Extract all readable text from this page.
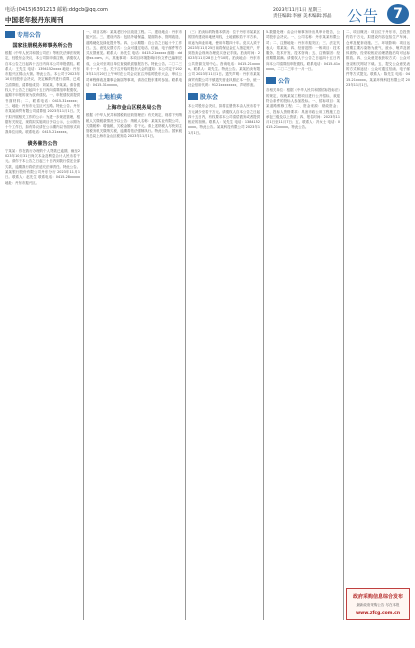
电话:(0415)6391213 邮箱:ddgcb@qq.com
中国老年报丹东周刊
2023年11月1日 星期三
责任编辑:李丽 美术编辑:郭晶 公告	7
专用公告
国家注册税务师事务所公告
根据《中华人民共和国公司法》等相关法律法规规定，经股东会决议，本公司拟申请注销，请债权人自本公告之日起四十五日内向本公司申报债权。联系人：王先生 电话：1394152xxxx 地址：丹东市振兴区锦山大街。特此公告。本公司于2023年10月经股东会决议，决定解散并进行清算，已成立清算组，清算组成员：刘某某、李某某。请各债权人于公告之日起四十五日内向清算组申报债权，逾期不申报的视为放弃债权。一、申报债权须提供书面材料；二、联系电话：0415-31xxxxx；三、地址：丹东市元宝区兴五路。特此公告。丹东市某某商贸有限公司清算组 2023年11月1日。关于拟开展相关工作的公示：为进一步规范管理，根据有关规定，现将拟实施项目予以公示，公示期为十个工作日，如有异议请在公示期内以书面形式向我单位反映。联系电话：0415-21xxxxx。
债务催告公告
宁某某：你在我行办理的个人贷款已逾期，截至2023年10月31日尚欠本金及利息合计人民币若干元。请你于本公告之日起三十日内到我行偿还全部欠款，逾期我行将依法追究法律责任。特此公告。某某银行股份有限公司丹东分行 2023年11月1日。联系人：赵先生 联系电话：0415-28xxxxx 地址：丹东市振兴区。
一、项目名称：某某老旧小区改造工程。二、建设地点：丹东市振兴区。三、建设内容：包括外墙保温、屋面防水、管网改造、道路硬化及绿化提升等。四、公示期限：自公告之日起十个工作日。五、意见反馈方式：公众可通过电话、信函、电子邮件等方式反馈意见。联系人：孙先生 电话：0415-21xxxxx 邮箱：dd@xx.com。六、其他事项：本项目环境影响评价文件已编制完成，公众可至项目单位查阅纸质版报告书。特此公告。二〇二三年十一月一日。关于召开临时股东大会的通知：本公司定于2023年11月20日上午9时在公司会议室召开临时股东大会，审议公司章程修改及董事会换届等事项，请各位股东准时参加。联系电话：0415-31xxxxx。
土地拍卖
上海市金山区税务局公告
根据《中华人民共和国税收征收管理法》有关规定，现将下列纳税人欠缴税款情况予以公告：纳税人名称：某某实业有限公司，欠缴税种：增值税，欠税金额：若干元。请上述纳税人尽快到主管税务机关缴纳欠税，逾期将依法强制执行。特此公告。国家税务总局上海市金山区税务局 2023年11月1日。
（三）拍卖标的物基本情况：位于丹东市某某区的国有建设用地使用权，土地面积若干平方米，用途为商业用地，使用年限四十年。竞买人须于2023年11月25日前将保证金汇入指定账户，并到拍卖会现场办理竞买登记手续。拍卖时间：2023年11月28日上午10时。拍卖地点：丹东市公共资源交易中心。咨询电话：0415-21xxxxx。联系人：周先生。特此公告。某某拍卖有限公司 2023年11月1日。遗失声明：丹东市某某商贸有限公司不慎遗失营业执照正本一份，统一社会信用代码：9121xxxxxxxx，声明作废。
股东会
本公司股东会决议，拟将注册资本由人民币若干万元减少至若干万元。请债权人自本公告之日起四十五日内，有权要求本公司清偿债务或者提供相应的担保。联系人：吴先生 电话：1384152xxxx。特此公告。某某科技有限公司 2023年11月1日。
5.数据处理：由会计师事务所出具审计报告，公司股东会决议。一、公司名称：丹东某某有限公司；二、注册地址：丹东市振安区；三、法定代表人：郑某某；四、经营范围：一般项目：技术服务、技术开发、技术咨询；五、注销原因：经营期限届满。请债权人于公告之日起四十五日内向本公司清算组申报债权。联系电话：0415-41xxxxx。二〇二三年十一月一日。
公告
各相关单位：根据《中华人民共和国招标投标法》的规定，现就某某工程项目进行公开招标，欢迎符合条件的投标人参加投标。一、招标项目：某某道路维修工程；二、资金来源：财政资金；三、投标人资格要求：具备市政公用工程施工总承包三级及以上资质；四、报名时间：2023年11月1日至11月7日；五、联系人：冯女士 电话：0415-21xxxxx。特此公告。
二、项目概况：项目位于丹东市，总投资约若干万元，拟建设内容包括生产车间、仓库及配套设施。三、环境影响：项目运营期主要污染物为废气、废水、噪声及固体废物，经采取相应治理措施后均可达标排放。四、公众意见表获取方式：公众可登录相关网站下载。五、提交公众意见表的方式和途径：公众可通过信函、电子邮件等方式提交。联系人：陈先生 电话：0415-21xxxxx。某某环保科技有限公司 2023年11月1日。
政府采购信息综合发布
最新政府采购公告 尽在本报
www.zfcg.com.cn
